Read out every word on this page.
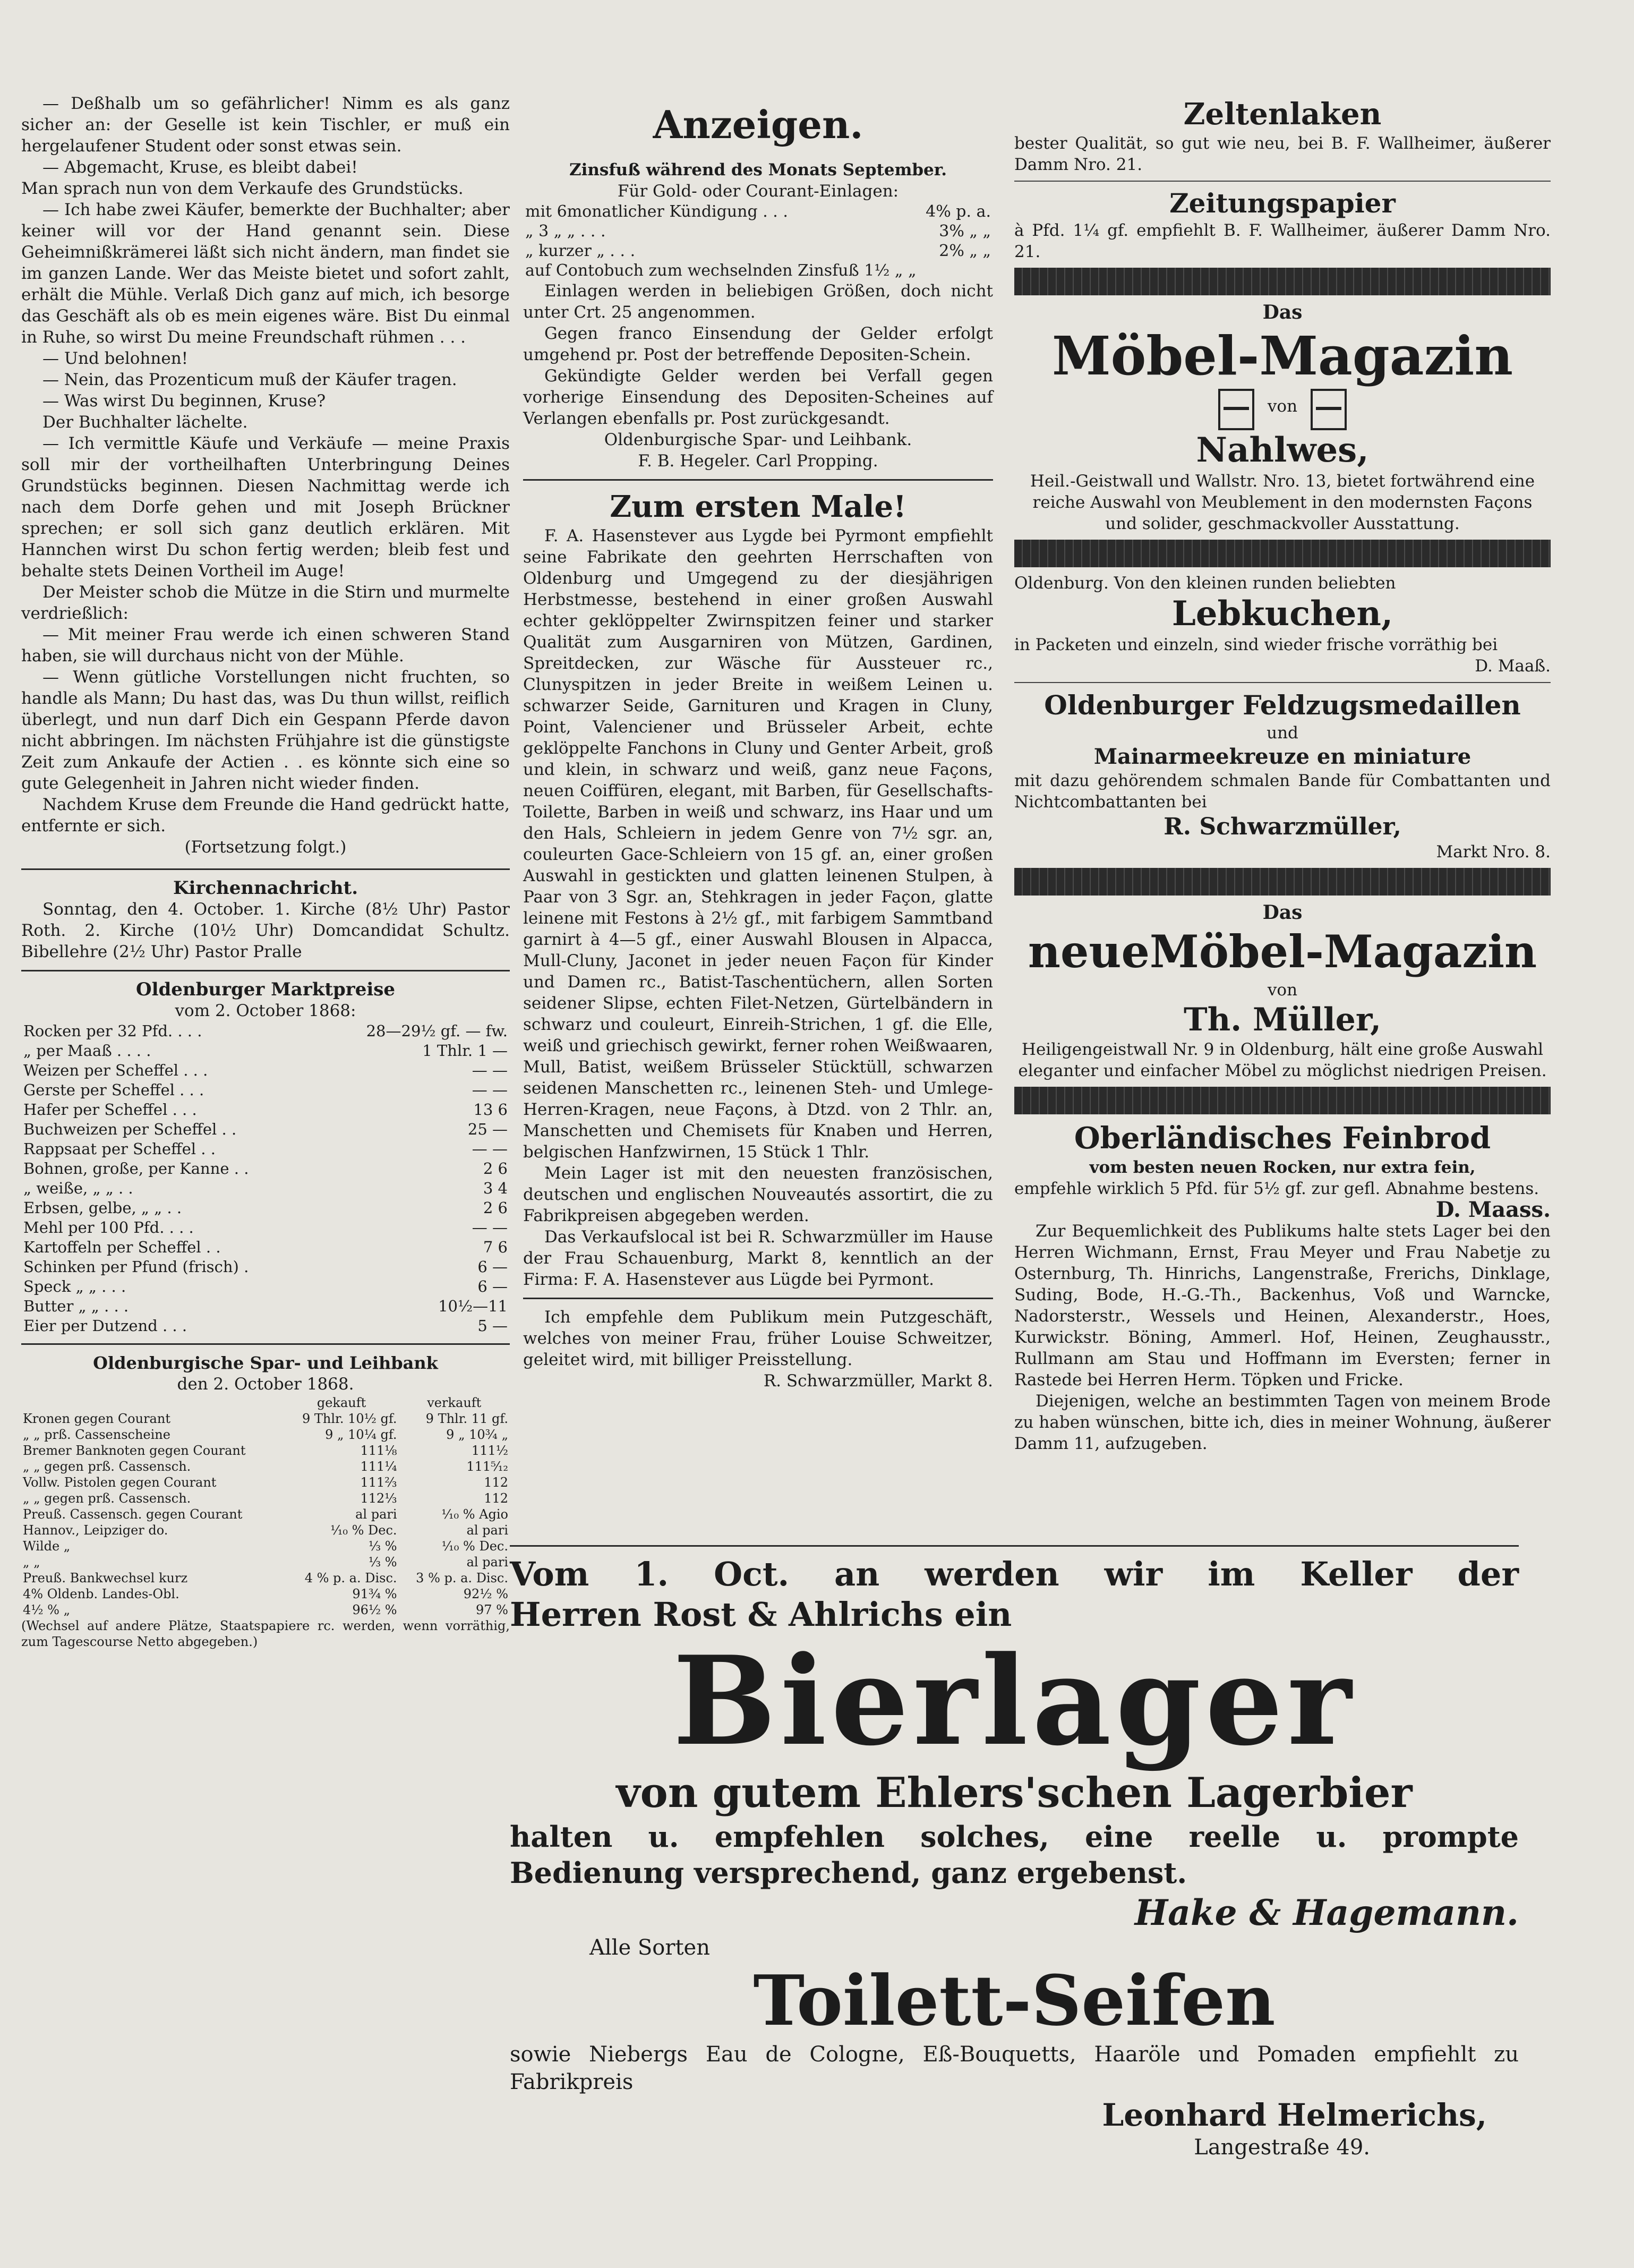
— Deßhalb um so gefährlicher! Nimm es als ganz sicher an: der Geselle ist kein Tischler, er muß ein hergelaufener Student oder sonst etwas sein.

— Abgemacht, Kruse, es bleibt dabei!

Man sprach nun von dem Verkaufe des Grundstücks.

— Ich habe zwei Käufer, bemerkte der Buchhalter; aber keiner will vor der Hand genannt sein. Diese Geheimnißkrämerei läßt sich nicht ändern, man findet sie im ganzen Lande. Wer das Meiste bietet und sofort zahlt, erhält die Mühle. Verlaß Dich ganz auf mich, ich besorge das Geschäft als ob es mein eigenes wäre. Bist Du einmal in Ruhe, so wirst Du meine Freundschaft rühmen . . .

— Und belohnen!

— Nein, das Prozenticum muß der Käufer tragen.

— Was wirst Du beginnen, Kruse?

Der Buchhalter lächelte.

— Ich vermittle Käufe und Verkäufe — meine Praxis soll mir der vortheilhaften Unterbringung Deines Grundstücks beginnen. Diesen Nachmittag werde ich nach dem Dorfe gehen und mit Joseph Brückner sprechen; er soll sich ganz deutlich erklären. Mit Hannchen wirst Du schon fertig werden; bleib fest und behalte stets Deinen Vortheil im Auge!

Der Meister schob die Mütze in die Stirn und murmelte verdrießlich:

— Mit meiner Frau werde ich einen schweren Stand haben, sie will durchaus nicht von der Mühle.

— Wenn gütliche Vorstellungen nicht fruchten, so handle als Mann; Du hast das, was Du thun willst, reiflich überlegt, und nun darf Dich ein Gespann Pferde davon nicht abbringen. Im nächsten Frühjahre ist die günstigste Zeit zum Ankaufe der Actien . . es könnte sich eine so gute Gelegenheit in Jahren nicht wieder finden.

Nachdem Kruse dem Freunde die Hand gedrückt hatte, entfernte er sich.

(Fortsetzung folgt.)

Kirchennachricht.

Sonntag, den 4. October. 1. Kirche (8½ Uhr) Pastor Roth. 2. Kirche (10½ Uhr) Domcandidat Schultz. Bibellehre (2½ Uhr) Pastor Pralle

Oldenburger Marktpreise

vom 2. October 1868:

Rocken per 32 Pfd. . . .	28—29½ gf. — fw.
„ per Maaß . . . .	1 Thlr. 1 —
Weizen per Scheffel . . .	— —
Gerste per Scheffel . . .	— —
Hafer per Scheffel . . .	13 6
Buchweizen per Scheffel . .	25 —
Rappsaat per Scheffel . .	— —
Bohnen, große, per Kanne . .	2 6
„ weiße, „ „ . .	3 4
Erbsen, gelbe, „ „ . .	2 6
Mehl per 100 Pfd. . . .	— —
Kartoffeln per Scheffel . .	7 6
Schinken per Pfund (frisch) .	6 —
Speck „ „ . . .	6 —
Butter „ „ . . .	10½—11
Eier per Dutzend . . .	5 —

Oldenburgische Spar- und Leihbank

den 2. October 1868.

	gekauft	verkauft
Kronen gegen Courant	9 Thlr. 10½ gf.	9 Thlr. 11 gf.
„ „ prß. Cassenscheine	9 „ 10¼ gf.	9 „ 10¾ „
Bremer Banknoten gegen Courant	111⅛	111½
„ „ gegen prß. Cassensch.	111¼	111⁵⁄₁₂
Vollw. Pistolen gegen Courant	111⅔	112
„ „ gegen prß. Cassensch.	112⅓	112
Preuß. Cassensch. gegen Courant	al pari	¹⁄₁₀ % Agio
Hannov., Leipziger do.	¹⁄₁₀ % Dec.	al pari
Wilde „	⅓ %	¹⁄₁₀ % Dec.
„ „	⅓ %	al pari
Preuß. Bankwechsel kurz	4 % p. a. Disc.	3 % p. a. Disc.
4% Oldenb. Landes-Obl.	91¾ %	92½ %
4½ % „	96½ %	97 %

(Wechsel auf andere Plätze, Staatspapiere rc. werden, wenn vorräthig, zum Tagescourse Netto abgegeben.)

Anzeigen.

Zinsfuß während des Monats September.

Für Gold- oder Courant-Einlagen:

mit 6monatlicher Kündigung . . .	4% p. a.
„ 3 „ „ . . .	3% „ „
„ kurzer „ . . .	2% „ „
auf Contobuch zum wechselnden Zinsfuß 1½ „ „	

Einlagen werden in beliebigen Größen, doch nicht unter Crt. 25 angenommen.

Gegen franco Einsendung der Gelder erfolgt umgehend pr. Post der betreffende Depositen-Schein.

Gekündigte Gelder werden bei Verfall gegen vorherige Einsendung des Depositen-Scheines auf Verlangen ebenfalls pr. Post zurückgesandt.

Oldenburgische Spar- und Leihbank.

F. B. Hegeler. Carl Propping.

Zum ersten Male!

F. A. Hasenstever aus Lygde bei Pyrmont empfiehlt seine Fabrikate den geehrten Herrschaften von Oldenburg und Umgegend zu der diesjährigen Herbstmesse, bestehend in einer großen Auswahl echter geklöppelter Zwirnspitzen feiner und starker Qualität zum Ausgarniren von Mützen, Gardinen, Spreitdecken, zur Wäsche für Aussteuer rc., Clunyspitzen in jeder Breite in weißem Leinen u. schwarzer Seide, Garnituren und Kragen in Cluny, Point, Valenciener und Brüsseler Arbeit, echte geklöppelte Fanchons in Cluny und Genter Arbeit, groß und klein, in schwarz und weiß, ganz neue Façons, neuen Coiffüren, elegant, mit Barben, für Gesellschafts-Toilette, Barben in weiß und schwarz, ins Haar und um den Hals, Schleiern in jedem Genre von 7½ sgr. an, couleurten Gace-Schleiern von 15 gf. an, einer großen Auswahl in gestickten und glatten leinenen Stulpen, à Paar von 3 Sgr. an, Stehkragen in jeder Façon, glatte leinene mit Festons à 2½ gf., mit farbigem Sammtband garnirt à 4—5 gf., einer Auswahl Blousen in Alpacca, Mull-Cluny, Jaconet in jeder neuen Façon für Kinder und Damen rc., Batist-Taschentüchern, allen Sorten seidener Slipse, echten Filet-Netzen, Gürtelbändern in schwarz und couleurt, Einreih-Strichen, 1 gf. die Elle, weiß und griechisch gewirkt, ferner rohen Weißwaaren, Mull, Batist, weißem Brüsseler Stücktüll, schwarzen seidenen Manschetten rc., leinenen Steh- und Umlege-Herren-Kragen, neue Façons, à Dtzd. von 2 Thlr. an, Manschetten und Chemisets für Knaben und Herren, belgischen Hanfzwirnen, 15 Stück 1 Thlr.

Mein Lager ist mit den neuesten französischen, deutschen und englischen Nouveautés assortirt, die zu Fabrikpreisen abgegeben werden.

Das Verkaufslocal ist bei R. Schwarzmüller im Hause der Frau Schauenburg, Markt 8, kenntlich an der Firma: F. A. Hasenstever aus Lügde bei Pyrmont.

Ich empfehle dem Publikum mein Putzgeschäft, welches von meiner Frau, früher Louise Schweitzer, geleitet wird, mit billiger Preisstellung.

R. Schwarzmüller, Markt 8.

Zeltenlaken

bester Qualität, so gut wie neu, bei B. F. Wallheimer, äußerer Damm Nro. 21.

Zeitungspapier

à Pfd. 1¼ gf. empfiehlt B. F. Wallheimer, äußerer Damm Nro. 21.

Das

Möbel-Magazin

von

Nahlwes,

Heil.-Geistwall und Wallstr. Nro. 13, bietet fortwährend eine reiche Auswahl von Meublement in den modernsten Façons und solider, geschmackvoller Ausstattung.

Oldenburg. Von den kleinen runden beliebten

Lebkuchen,

in Packeten und einzeln, sind wieder frische vorräthig bei

D. Maaß.

Oldenburger Feldzugsmedaillen

und

Mainarmeekreuze en miniature

mit dazu gehörendem schmalen Bande für Combattanten und Nichtcombattanten bei

R. Schwarzmüller,

Markt Nro. 8.

Das

neueMöbel-Magazin

von

Th. Müller,

Heiligengeistwall Nr. 9 in Oldenburg, hält eine große Auswahl eleganter und einfacher Möbel zu möglichst niedrigen Preisen.

Oberländisches Feinbrod

vom besten neuen Rocken, nur extra fein,

empfehle wirklich 5 Pfd. für 5½ gf. zur gefl. Abnahme bestens.

D. Maass.

Zur Bequemlichkeit des Publikums halte stets Lager bei den Herren Wichmann, Ernst, Frau Meyer und Frau Nabetje zu Osternburg, Th. Hinrichs, Langenstraße, Frerichs, Dinklage, Suding, Bode, H.-G.-Th., Backenhus, Voß und Warncke, Nadorsterstr., Wessels und Heinen, Alexanderstr., Hoes, Kurwickstr. Böning, Ammerl. Hof, Heinen, Zeughausstr., Rullmann am Stau und Hoffmann im Eversten; ferner in Rastede bei Herren Herm. Töpken und Fricke.

Diejenigen, welche an bestimmten Tagen von meinem Brode zu haben wünschen, bitte ich, dies in meiner Wohnung, äußerer Damm 11, aufzugeben.

Vom 1. Oct. an werden wir im Keller der

Herren Rost & Ahlrichs ein

Bierlager

von gutem Ehlers'schen Lagerbier

halten u. empfehlen solches, eine reelle u. prompte

Bedienung versprechend, ganz ergebenst.

Hake & Hagemann.

Alle Sorten

Toilett-Seifen

sowie Niebergs Eau de Cologne, Eß-Bouquetts, Haaröle und Pomaden empfiehlt zu Fabrikpreis

Leonhard Helmerichs,

Langestraße 49.
